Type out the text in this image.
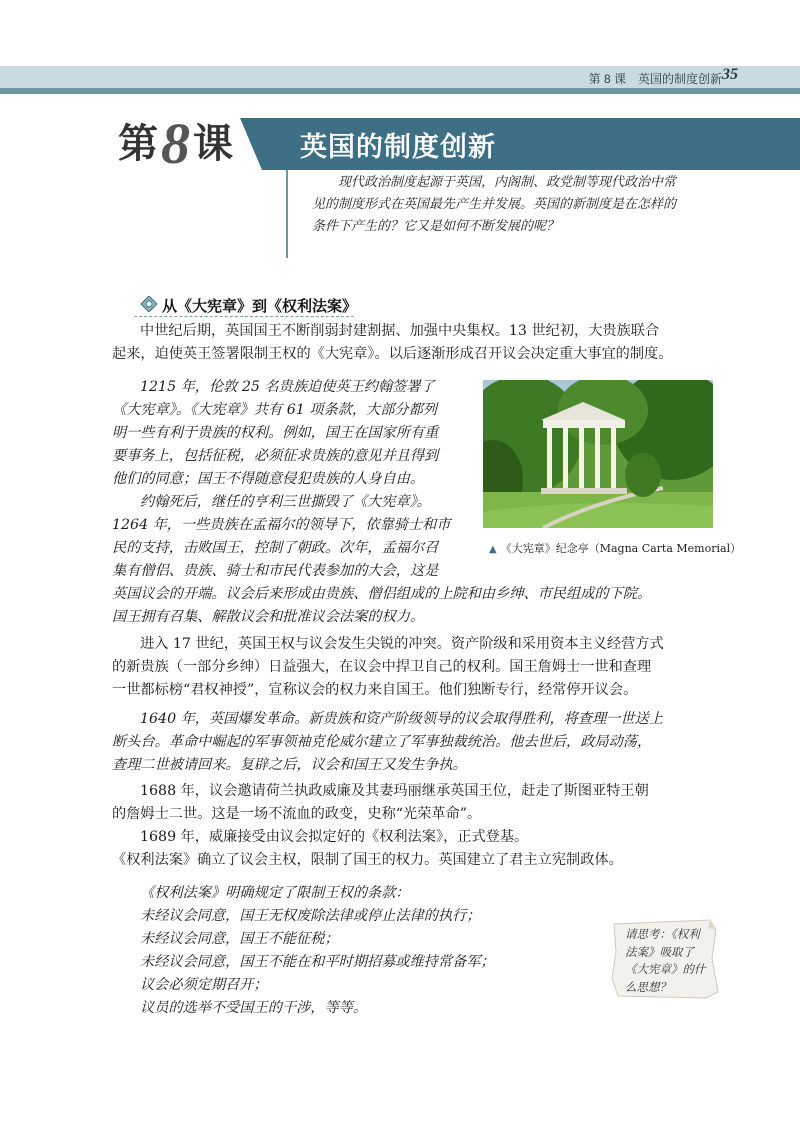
第 8 课　英国的制度创新 35
第8课 英国的制度创新
现代政治制度起源于英国，内阁制、政党制等现代政治中常见的制度形式在英国最先产生并发展。英国的新制度是在怎样的条件下产生的？它又是如何不断发展的呢？
从《大宪章》到《权利法案》
中世纪后期，英国国王不断削弱封建割据、加强中央集权。13 世纪初，大贵族联合
起来，迫使英王签署限制王权的《大宪章》。以后逐渐形成召开议会决定重大事宜的制度。
1215 年，伦敦 25 名贵族迫使英王约翰签署了
《大宪章》。《大宪章》共有 61 项条款，大部分都列
明一些有利于贵族的权利。例如，国王在国家所有重
要事务上，包括征税，必须征求贵族的意见并且得到
他们的同意；国王不得随意侵犯贵族的人身自由。
约翰死后，继任的亨利三世撕毁了《大宪章》。
1264 年，一些贵族在孟福尔的领导下，依靠骑士和市
民的支持，击败国王，控制了朝政。次年，孟福尔召
集有僧侣、贵族、骑士和市民代表参加的大会，这是
英国议会的开端。议会后来形成由贵族、僧侣组成的上院和由乡绅、市民组成的下院。
国王拥有召集、解散议会和批准议会法案的权力。
进入 17 世纪，英国王权与议会发生尖锐的冲突。资产阶级和采用资本主义经营方式
的新贵族（一部分乡绅）日益强大，在议会中捍卫自己的权利。国王詹姆士一世和查理
一世都标榜“君权神授”，宣称议会的权力来自国王。他们独断专行，经常停开议会。
1640 年，英国爆发革命。新贵族和资产阶级领导的议会取得胜利，将查理一世送上
断头台。革命中崛起的军事领袖克伦威尔建立了军事独裁统治。他去世后，政局动荡，
查理二世被请回来。复辟之后，议会和国王又发生争执。
1688 年，议会邀请荷兰执政威廉及其妻玛丽继承英国王位，赶走了斯图亚特王朝
的詹姆士二世。这是一场不流血的政变，史称“光荣革命”。
1689 年，威廉接受由议会拟定好的《权利法案》，正式登基。
《权利法案》确立了议会主权，限制了国王的权力。英国建立了君主立宪制政体。
《权利法案》明确规定了限制王权的条款：
未经议会同意，国王无权废除法律或停止法律的执行；
未经议会同意，国王不能征税；
未经议会同意，国王不能在和平时期招募或维持常备军；
议会必须定期召开；
议员的选举不受国王的干涉，等等。
▲ 《大宪章》纪念亭（Magna Carta Memorial）
请思考：《权利
法案》吸取了
《大宪章》的什
么思想？
